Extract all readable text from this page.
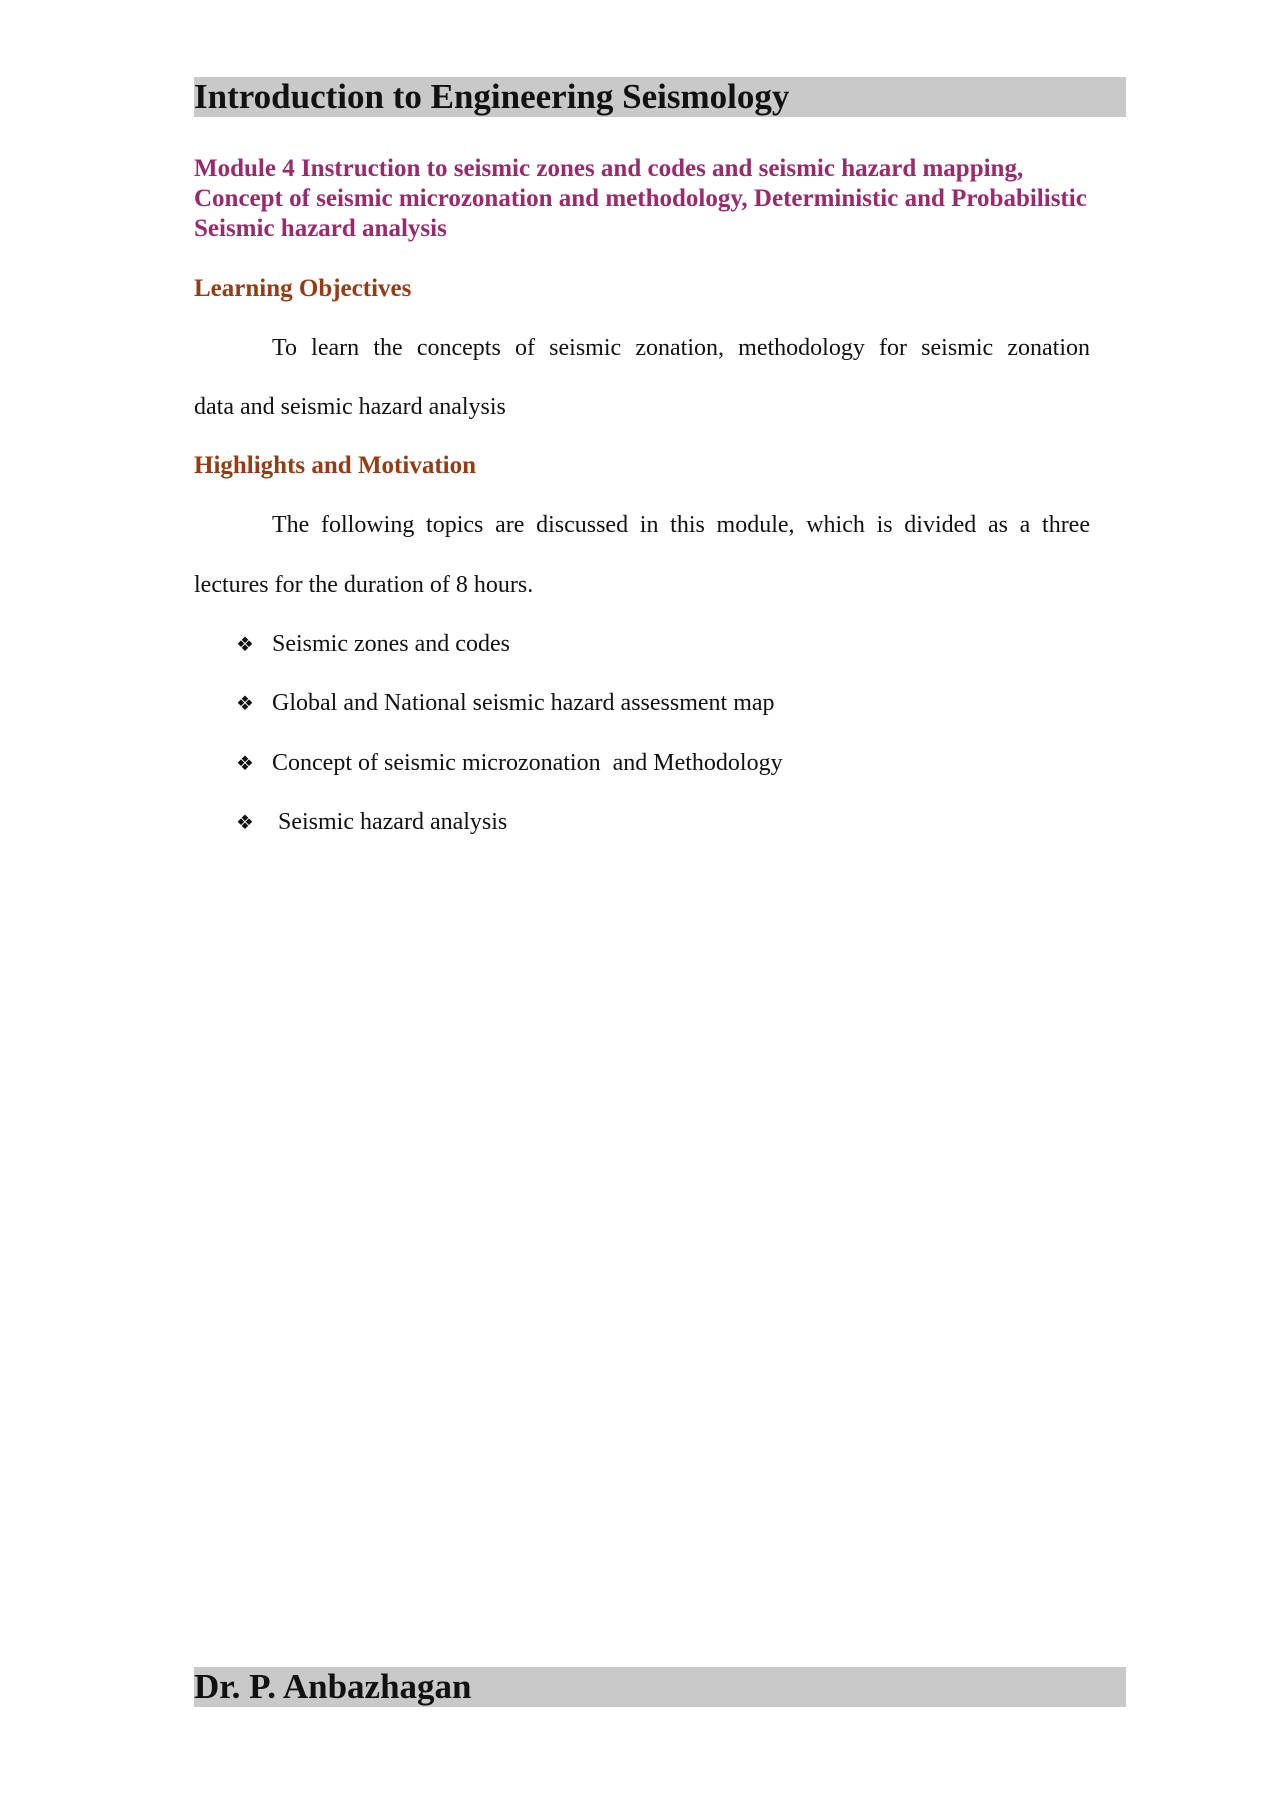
Introduction to Engineering Seismology
Module 4 Instruction to seismic zones and codes and seismic hazard mapping, Concept of seismic microzonation and methodology, Deterministic and Probabilistic Seismic hazard analysis
Learning Objectives
To learn the concepts of seismic zonation, methodology for seismic zonation
data and seismic hazard analysis
Highlights and Motivation
The following topics are discussed in this module, which is divided as a three
lectures for the duration of 8 hours.
❖ Seismic zones and codes
❖ Global and National seismic hazard assessment map
❖ Concept of seismic microzonation  and Methodology
❖ Seismic hazard analysis
Dr. P. Anbazhagan
